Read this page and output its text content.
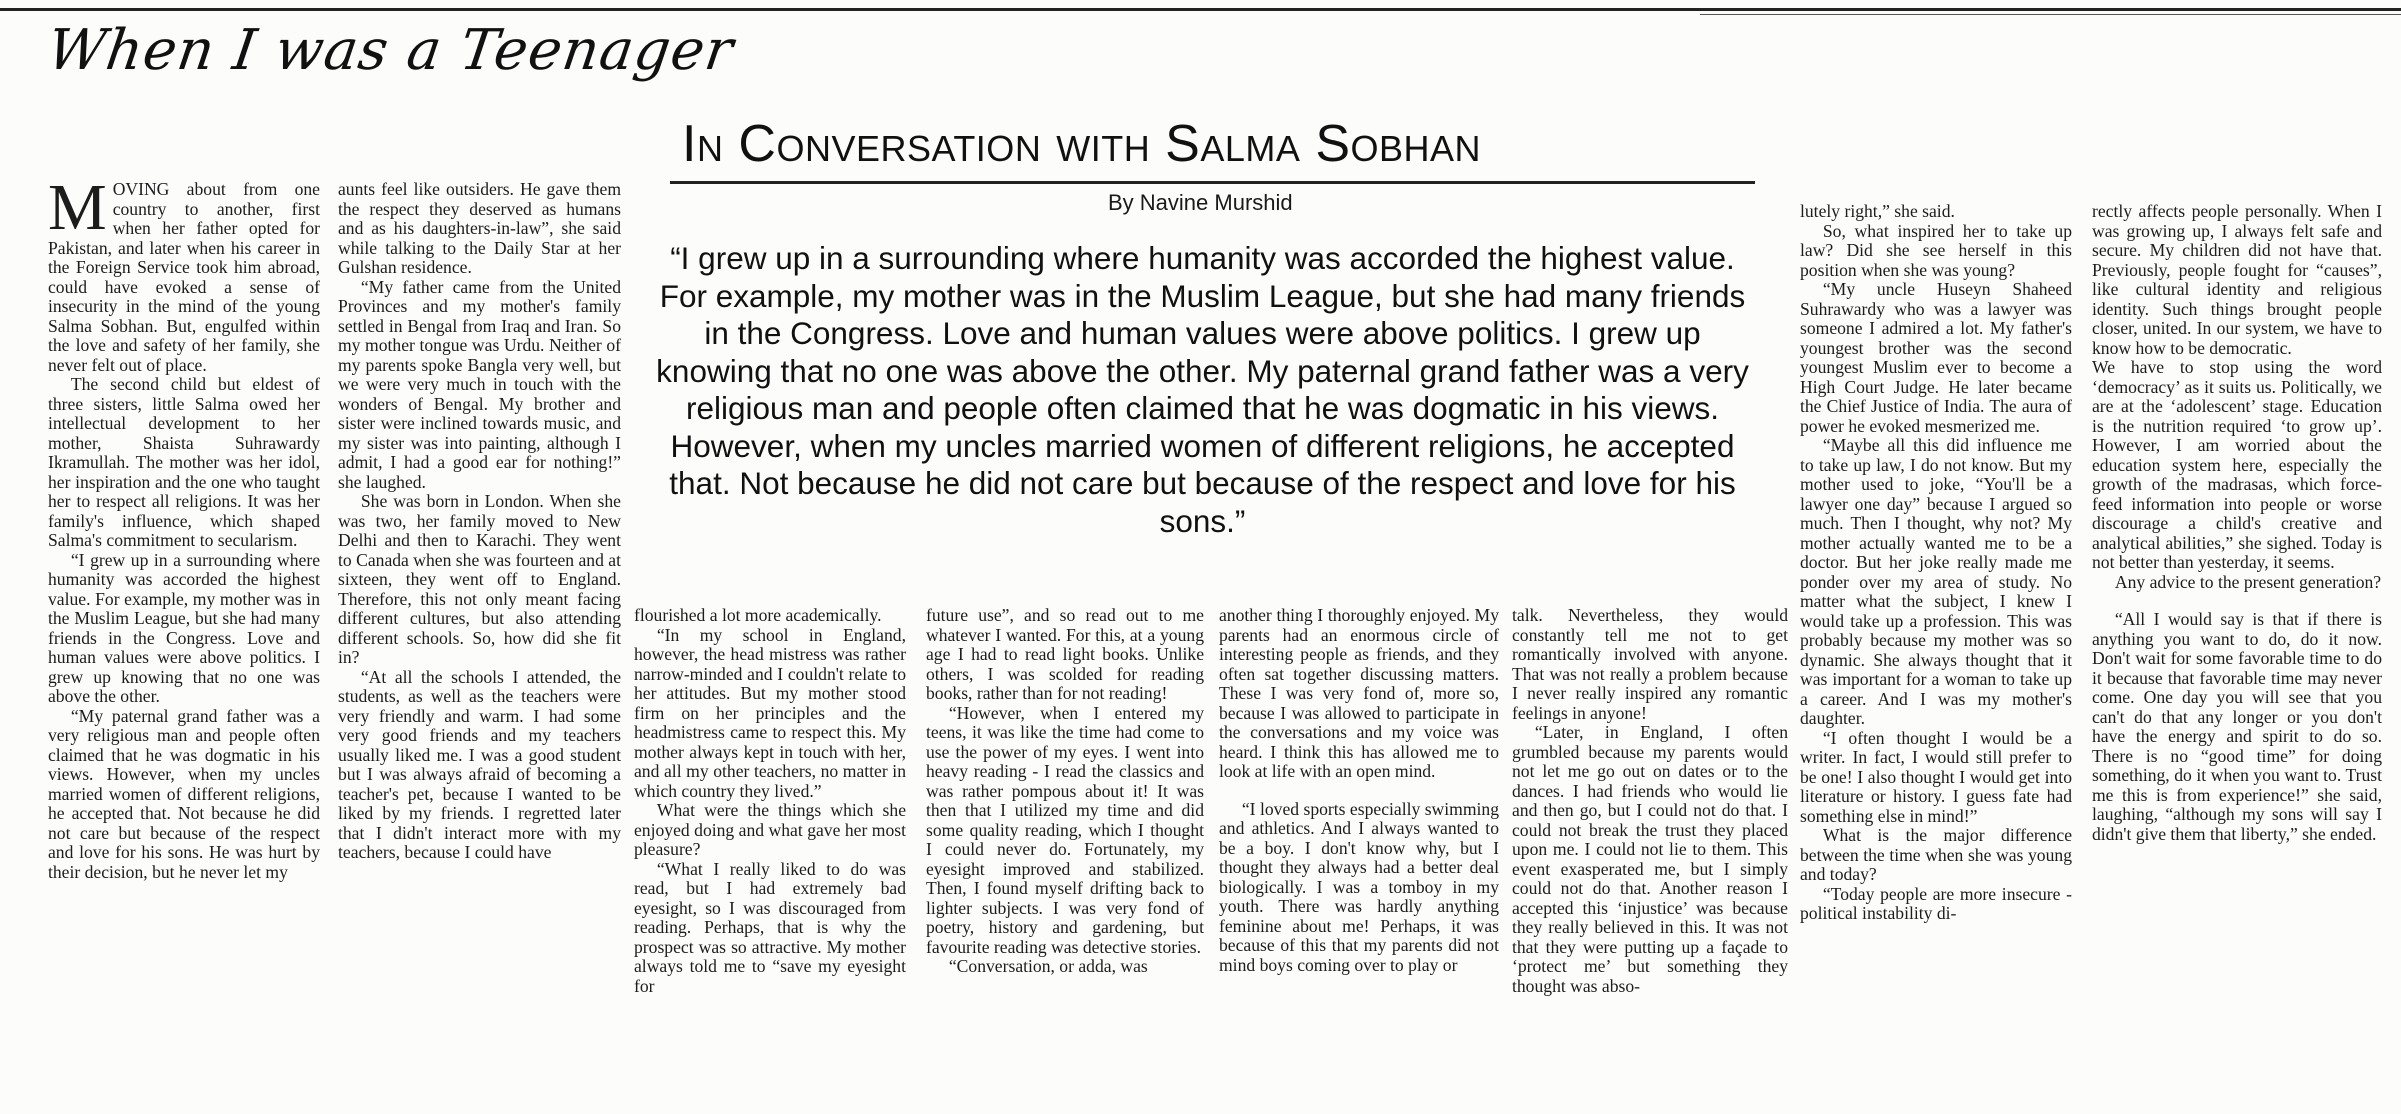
When I was a Teenager
In Conversation with Salma Sobhan
By Navine Murshid
“I grew up in a surrounding where humanity was accorded the highest value. For example, my mother was in the Muslim League, but she had many friends in the Congress. Love and human values were above politics. I grew up knowing that no one was above the other. My paternal grand father was a very religious man and people often claimed that he was dogmatic in his views. However, when my uncles married women of different religions, he accepted that. Not because he did not care but because of the respect and love for his sons.”

MOVING about from one country to another, first when her father opted for Pakistan, and later when his career in the Foreign Service took him abroad, could have evoked a sense of insecurity in the mind of the young Salma Sobhan. But, engulfed within the love and safety of her family, she never felt out of place.

The second child but eldest of three sisters, little Salma owed her intellectual development to her mother, Shaista Suhrawardy Ikramullah. The mother was her idol, her inspiration and the one who taught her to respect all religions. It was her family's influence, which shaped Salma's commitment to secularism.

“I grew up in a surrounding where humanity was accorded the highest value. For example, my mother was in the Muslim League, but she had many friends in the Congress. Love and human values were above politics. I grew up knowing that no one was above the other.

“My paternal grand father was a very religious man and people often claimed that he was dogmatic in his views. However, when my uncles married women of different religions, he accepted that. Not because he did not care but because of the respect and love for his sons. He was hurt by their decision, but he never let my

aunts feel like outsiders. He gave them the respect they deserved as humans and as his daughters-in-law”, she said while talking to the Daily Star at her Gulshan residence.

“My father came from the United Provinces and my mother's family settled in Bengal from Iraq and Iran. So my mother tongue was Urdu. Neither of my parents spoke Bangla very well, but we were very much in touch with the wonders of Bengal. My brother and sister were inclined towards music, and my sister was into painting, although I admit, I had a good ear for nothing!” she laughed.

She was born in London. When she was two, her family moved to New Delhi and then to Karachi. They went to Canada when she was fourteen and at sixteen, they went off to England. Therefore, this not only meant facing different cultures, but also attending different schools. So, how did she fit in?

“At all the schools I attended, the students, as well as the teachers were very friendly and warm. I had some very good friends and my teachers usually liked me. I was a good student but I was always afraid of becoming a teacher's pet, because I wanted to be liked by my friends. I regretted later that I didn't interact more with my teachers, because I could have

flourished a lot more academically.

“In my school in England, however, the head mistress was rather narrow-minded and I couldn't relate to her attitudes. But my mother stood firm on her principles and the headmistress came to respect this. My mother always kept in touch with her, and all my other teachers, no matter in which country they lived.”

What were the things which she enjoyed doing and what gave her most pleasure?

“What I really liked to do was read, but I had extremely bad eyesight, so I was discouraged from reading. Perhaps, that is why the prospect was so attractive. My mother always told me to “save my eyesight for

future use”, and so read out to me whatever I wanted. For this, at a young age I had to read light books. Unlike others, I was scolded for reading books, rather than for not reading!

“However, when I entered my teens, it was like the time had come to use the power of my eyes. I went into heavy reading - I read the classics and was rather pompous about it! It was then that I utilized my time and did some quality reading, which I thought I could never do. Fortunately, my eyesight improved and stabilized. Then, I found myself drifting back to lighter subjects. I was very fond of poetry, history and gardening, but favourite reading was detective stories.

“Conversation, or adda, was

another thing I thoroughly enjoyed. My parents had an enormous circle of interesting people as friends, and they often sat together discussing matters. These I was very fond of, more so, because I was allowed to participate in the conversations and my voice was heard. I think this has allowed me to look at life with an open mind.

“I loved sports especially swimming and athletics. And I always wanted to be a boy. I don't know why, but I thought they always had a better deal biologically. I was a tomboy in my youth. There was hardly anything feminine about me! Perhaps, it was because of this that my parents did not mind boys coming over to play or

talk. Nevertheless, they would constantly tell me not to get romantically involved with anyone. That was not really a problem because I never really inspired any romantic feelings in anyone!

“Later, in England, I often grumbled because my parents would not let me go out on dates or to the dances. I had friends who would lie and then go, but I could not do that. I could not break the trust they placed upon me. I could not lie to them. This event exasperated me, but I simply could not do that. Another reason I accepted this ‘injustice’ was because they really believed in this. It was not that they were putting up a façade to ‘protect me’ but something they thought was abso-

lutely right,” she said.

So, what inspired her to take up law? Did she see herself in this position when she was young?

“My uncle Huseyn Shaheed Suhrawardy who was a lawyer was someone I admired a lot. My father's youngest brother was the second youngest Muslim ever to become a High Court Judge. He later became the Chief Justice of India. The aura of power he evoked mesmerized me.

“Maybe all this did influence me to take up law, I do not know. But my mother used to joke, “You'll be a lawyer one day” because I argued so much. Then I thought, why not? My mother actually wanted me to be a doctor. But her joke really made me ponder over my area of study. No matter what the subject, I knew I would take up a profession. This was probably because my mother was so dynamic. She always thought that it was important for a woman to take up a career. And I was my mother's daughter.

“I often thought I would be a writer. In fact, I would still prefer to be one! I also thought I would get into literature or history. I guess fate had something else in mind!”

What is the major difference between the time when she was young and today?

“Today people are more insecure - political instability di-

rectly affects people personally. When I was growing up, I always felt safe and secure. My children did not have that. Previously, people fought for “causes”, like cultural identity and religious identity. Such things brought people closer, united. In our system, we have to know how to be democratic.

We have to stop using the word ‘democracy’ as it suits us. Politically, we are at the ‘adolescent’ stage. Education is the nutrition required ‘to grow up’. However, I am worried about the education system here, especially the growth of the madrasas, which force-feed information into people or worse discourage a child's creative and analytical abilities,” she sighed. Today is not better than yesterday, it seems.

Any advice to the present generation?

“All I would say is that if there is anything you want to do, do it now. Don't wait for some favorable time to do it because that favorable time may never come. One day you will see that you can't do that any longer or you don't have the energy and spirit to do so. There is no “good time” for doing something, do it when you want to. Trust me this is from experience!” she said, laughing, “although my sons will say I didn't give them that liberty,” she ended.
